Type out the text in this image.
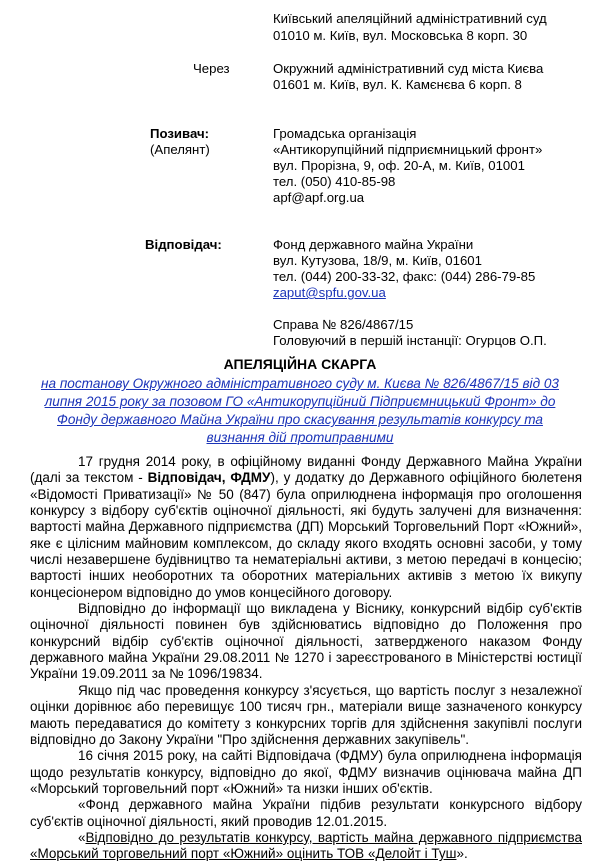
Київський апеляційний адміністративний суд
01010 м. Київ, вул. Московська 8 корп. 30
Через	Окружний адміністративний суд міста Києва
01601 м. Київ, вул. К. Камєнєва 6 корп. 8
Позивач:
(Апелянт)
Громадська організація
«Антикорупційний підприємницький фронт»
вул. Прорізна, 9, оф. 20-А, м. Київ, 01001
тел. (050) 410-85-98
apf@apf.org.ua
Відповідач:	Фонд державного майна України
вул. Кутузова, 18/9, м. Київ, 01601
тел. (044) 200-33-32, факс: (044) 286-79-85
zaput@spfu.gov.ua
Справа № 826/4867/15
Головуючий в першій інстанції: Огурцов О.П.
АПЕЛЯЦІЙНА СКАРГА
на постанову Окружного адміністративного суду м. Києва № 826/4867/15 від 03
липня 2015 року за позовом ГО «Антикорупційний Підприємницький Фронт» до
Фонду державного Майна України про скасування результатів конкурсу та
визнання дій протиправними

17 грудня 2014 року, в офіційному виданні Фонду Державного Майна України (далі за текстом - Відповідач, ФДМУ), у додатку до Державного офіційного бюлетеня «Відомості Приватизації» № 50 (847) була оприлюднена інформація про оголошення конкурсу з відбору суб'єктів оціночної діяльності, які будуть залучені для визначення: вартості майна Державного підприємства (ДП) Морський Торговельний Порт «Южний», яке є цілісним майновим комплексом, до складу якого входять основні засоби, у тому числі незавершене будівництво та нематеріальні активи, з метою передачі в концесію; вартості інших необоротних та оборотних матеріальних активів з метою їх викупу концесіонером відповідно до умов концесійного договору.

Відповідно до інформації що викладена у Віснику, конкурсний відбір суб'єктів оціночної діяльності повинен був здійснюватись відповідно до Положення про конкурсний відбір суб'єктів оціночної діяльності, затвердженого наказом Фонду державного майна України 29.08.2011 № 1270 і зареєстрованого в Міністерстві юстиції України 19.09.2011 за № 1096/19834.

Якщо під час проведення конкурсу з'ясується, що вартість послуг з незалежної оцінки дорівнює або перевищує 100 тисяч грн., матеріали вище зазначеного конкурсу мають передаватися до комітету з конкурсних торгів для здійснення закупівлі послуги відповідно до Закону України "Про здійснення державних закупівель".

16 січня 2015 року, на сайті Відповідача (ФДМУ) була оприлюднена інформація щодо результатів конкурсу, відповідно до якої, ФДМУ визначив оцінювача майна ДП «Морський торговельний порт «Южний» та низки інших об'єктів.

«Фонд державного майна України підбив результати конкурсного відбору суб'єктів оціночної діяльності, який проводив 12.01.2015.

«Відповідно до результатів конкурсу, вартість майна державного підприємства «Морський торговельний порт «Южний» оцінить ТОВ «Делойт і Туш».
